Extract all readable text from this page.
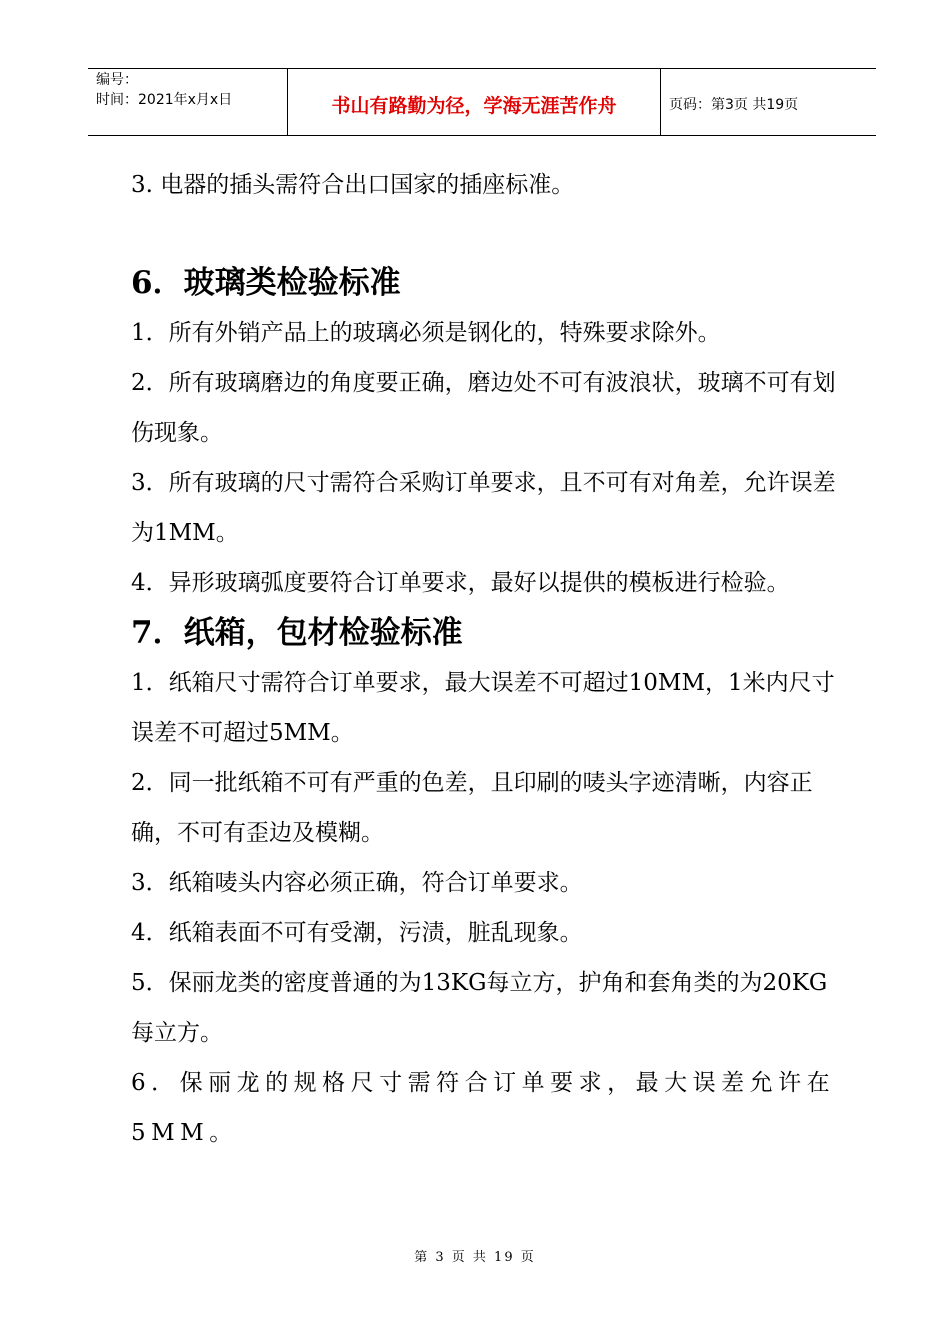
编号：
时间：2021年x月x日	书山有路勤为径，学海无涯苦作舟	页码：第3页 共19页

3. 电器的插头需符合出口国家的插座标准。

6．玻璃类检验标准

1．所有外销产品上的玻璃必须是钢化的，特殊要求除外。

2．所有玻璃磨边的角度要正确，磨边处不可有波浪状，玻璃不可有划伤现象。

3．所有玻璃的尺寸需符合采购订单要求，且不可有对角差，允许误差为1MM。

4．异形玻璃弧度要符合订单要求，最好以提供的模板进行检验。

7．纸箱，包材检验标准

1．纸箱尺寸需符合订单要求，最大误差不可超过10MM，1米内尺寸误差不可超过5MM。

2．同一批纸箱不可有严重的色差，且印刷的唛头字迹清晰，内容正确，不可有歪边及模糊。

3．纸箱唛头内容必须正确，符合订单要求。

4．纸箱表面不可有受潮，污渍，脏乱现象。

5．保丽龙类的密度普通的为13KG每立方，护角和套角类的为20KG每立方。

6．保丽龙的规格尺寸需符合订单要求，最大误差允许在5MM。

第 3 页 共 19 页
